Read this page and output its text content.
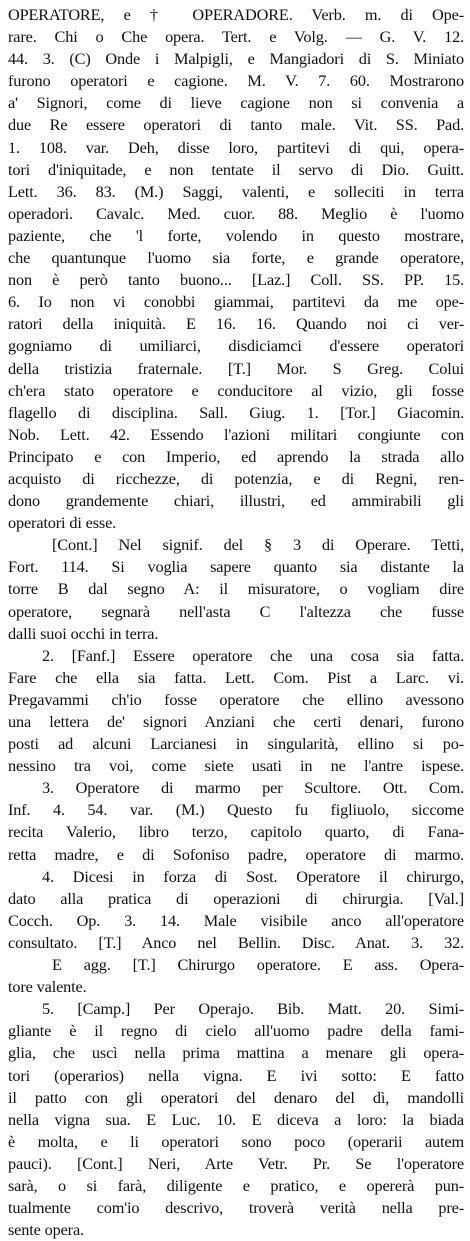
OPERATORE, e † OPERADORE. Verb. m. di Ope-
rare. Chi o Che opera. Tert. e Volg. — G. V. 12.
44. 3. (C) Onde i Malpigli, e Mangiadori di S. Miniato
furono operatori e cagione. M. V. 7. 60. Mostrarono
a' Signori, come di lieve cagione non si convenia a
due Re essere operatori di tanto male. Vit. SS. Pad.
1. 108. var. Deh, disse loro, partitevi di qui, opera-
tori d'iniquitade, e non tentate il servo di Dio. Guitt.
Lett. 36. 83. (M.) Saggi, valenti, e solleciti in terra
operadori. Cavalc. Med. cuor. 88. Meglio è l'uomo
paziente, che 'l forte, volendo in questo mostrare,
che quantunque l'uomo sia forte, e grande operatore,
non è però tanto buono... [Laz.] Coll. SS. PP. 15.
6. Io non vi conobbi giammai, partitevi da me ope-
ratori della iniquità. E 16. 16. Quando noi ci ver-
gogniamo di umiliarci, disdiciamci d'essere operatori
della tristizia fraternale. [T.] Mor. S Greg. Colui
ch'era stato operatore e conducitore al vizio, gli fosse
flagello di disciplina. Sall. Giug. 1. [Tor.] Giacomin.
Nob. Lett. 42. Essendo l'azioni militari congiunte con
Principato e con Imperio, ed aprendo la strada allo
acquisto di ricchezze, di potenzia, e di Regni, ren-
dono grandemente chiari, illustri, ed ammirabili gli
operatori di esse.
[Cont.] Nel signif. del § 3 di Operare. Tetti,
Fort. 114. Si voglia sapere quanto sia distante la
torre B dal segno A: il misuratore, o vogliam dire
operatore, segnarà nell'asta C l'altezza che fusse
dalli suoi occhi in terra.
2. [Fanf.] Essere operatore che una cosa sia fatta.
Fare che ella sia fatta. Lett. Com. Pist a Larc. vi.
Pregavammi ch'io fosse operatore che ellino avessono
una lettera de' signori Anziani che certi denari, furono
posti ad alcuni Larcianesi in singularità, ellino si po-
nessino tra voi, come siete usati in ne l'antre ispese.
3. Operatore di marmo per Scultore. Ott. Com.
Inf. 4. 54. var. (M.) Questo fu figliuolo, siccome
recita Valerio, libro terzo, capitolo quarto, di Fana-
retta madre, e di Sofoniso padre, operatore di marmo.
4. Dicesi in forza di Sost. Operatore il chirurgo,
dato alla pratica di operazioni di chirurgia. [Val.]
Cocch. Op. 3. 14. Male visibile anco all'operatore
consultato. [T.] Anco nel Bellin. Disc. Anat. 3. 32.
E agg. [T.] Chirurgo operatore. E ass. Opera-
tore valente.
5. [Camp.] Per Operajo. Bib. Matt. 20. Simi-
gliante è il regno di cielo all'uomo padre della fami-
glia, che uscì nella prima mattina a menare gli opera-
tori (operarios) nella vigna. E ivi sotto: E fatto
il patto con gli operatori del denaro del dì, mandolli
nella vigna sua. E Luc. 10. E diceva a loro: la biada
è molta, e li operatori sono poco (operarii autem
pauci). [Cont.] Neri, Arte Vetr. Pr. Se l'operatore
sarà, o si farà, diligente e pratico, e opererà pun-
tualmente com'io descrivo, troverà verità nella pre-
sente opera.
